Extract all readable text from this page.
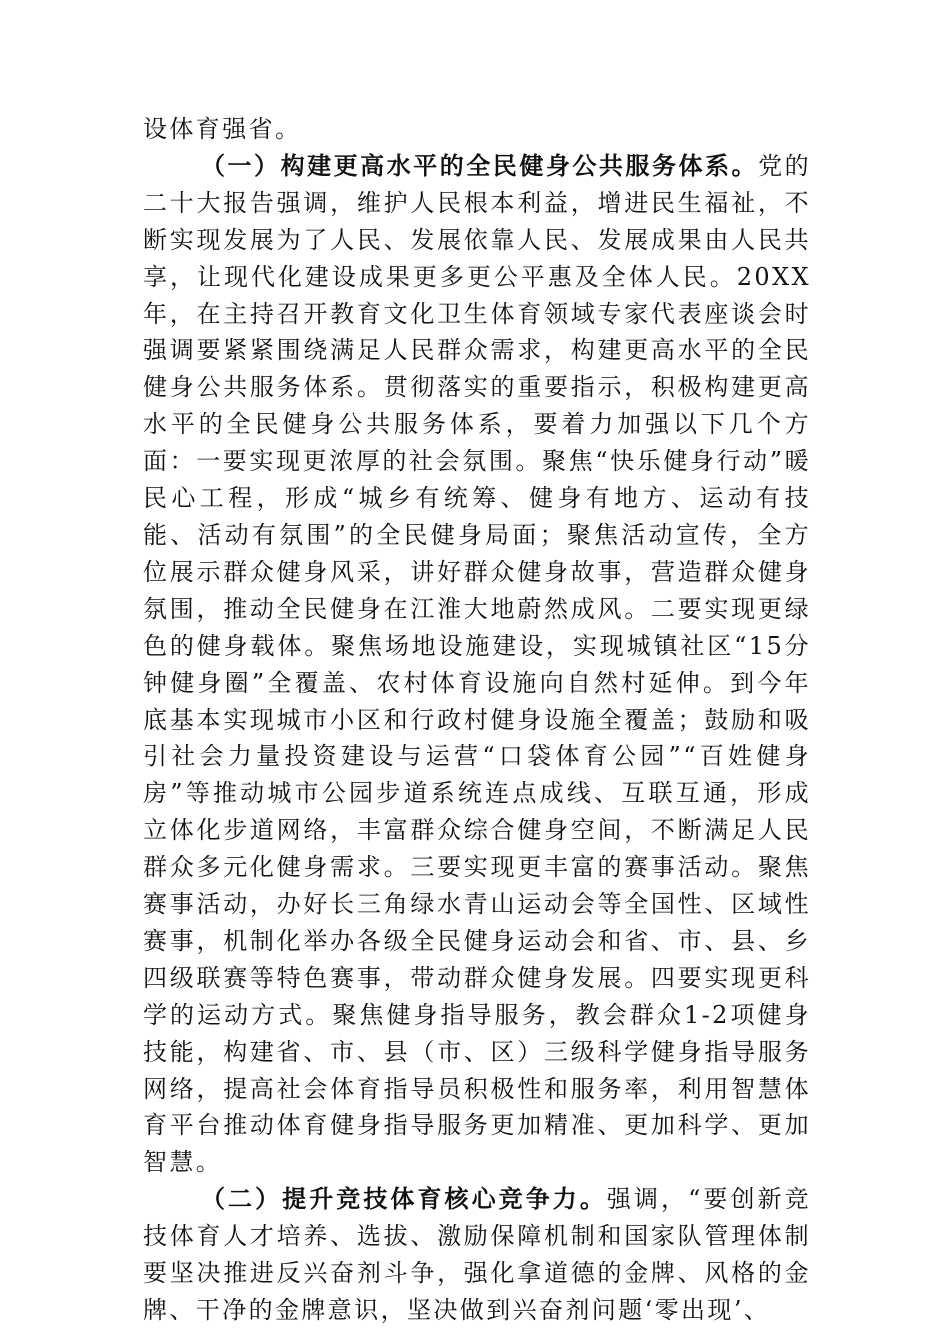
设体育强省。

（一）构建更高水平的全民健身公共服务体系。党的二十大报告强调，维护人民根本利益，增进民生福祉，不断实现发展为了人民、发展依靠人民、发展成果由人民共享，让现代化建设成果更多更公平惠及全体人民。20XX年，在主持召开教育文化卫生体育领域专家代表座谈会时强调要紧紧围绕满足人民群众需求，构建更高水平的全民健身公共服务体系。贯彻落实的重要指示，积极构建更高水平的全民健身公共服务体系，要着力加强以下几个方面：一要实现更浓厚的社会氛围。聚焦“快乐健身行动”暖民心工程，形成“城乡有统筹、健身有地方、运动有技能、活动有氛围”的全民健身局面；聚焦活动宣传，全方位展示群众健身风采，讲好群众健身故事，营造群众健身氛围，推动全民健身在江淮大地蔚然成风。二要实现更绿色的健身载体。聚焦场地设施建设，实现城镇社区“15分钟健身圈”全覆盖、农村体育设施向自然村延伸。到今年底基本实现城市小区和行政村健身设施全覆盖；鼓励和吸引社会力量投资建设与运营“口袋体育公园”“百姓健身房”等推动城市公园步道系统连点成线、互联互通，形成立体化步道网络，丰富群众综合健身空间，不断满足人民群众多元化健身需求。三要实现更丰富的赛事活动。聚焦赛事活动，办好长三角绿水青山运动会等全国性、区域性赛事，机制化举办各级全民健身运动会和省、市、县、乡四级联赛等特色赛事，带动群众健身发展。四要实现更科学的运动方式。聚焦健身指导服务，教会群众1-2项健身技能，构建省、市、县（市、区）三级科学健身指导服务网络，提高社会体育指导员积极性和服务率，利用智慧体育平台推动体育健身指导服务更加精准、更加科学、更加智慧。

（二）提升竞技体育核心竞争力。强调，“要创新竞技体育人才培养、选拔、激励保障机制和国家队管理体制要坚决推进反兴奋剂斗争，强化拿道德的金牌、风格的金牌、干净的金牌意识，坚决做到兴奋剂问题‘零出现’、
